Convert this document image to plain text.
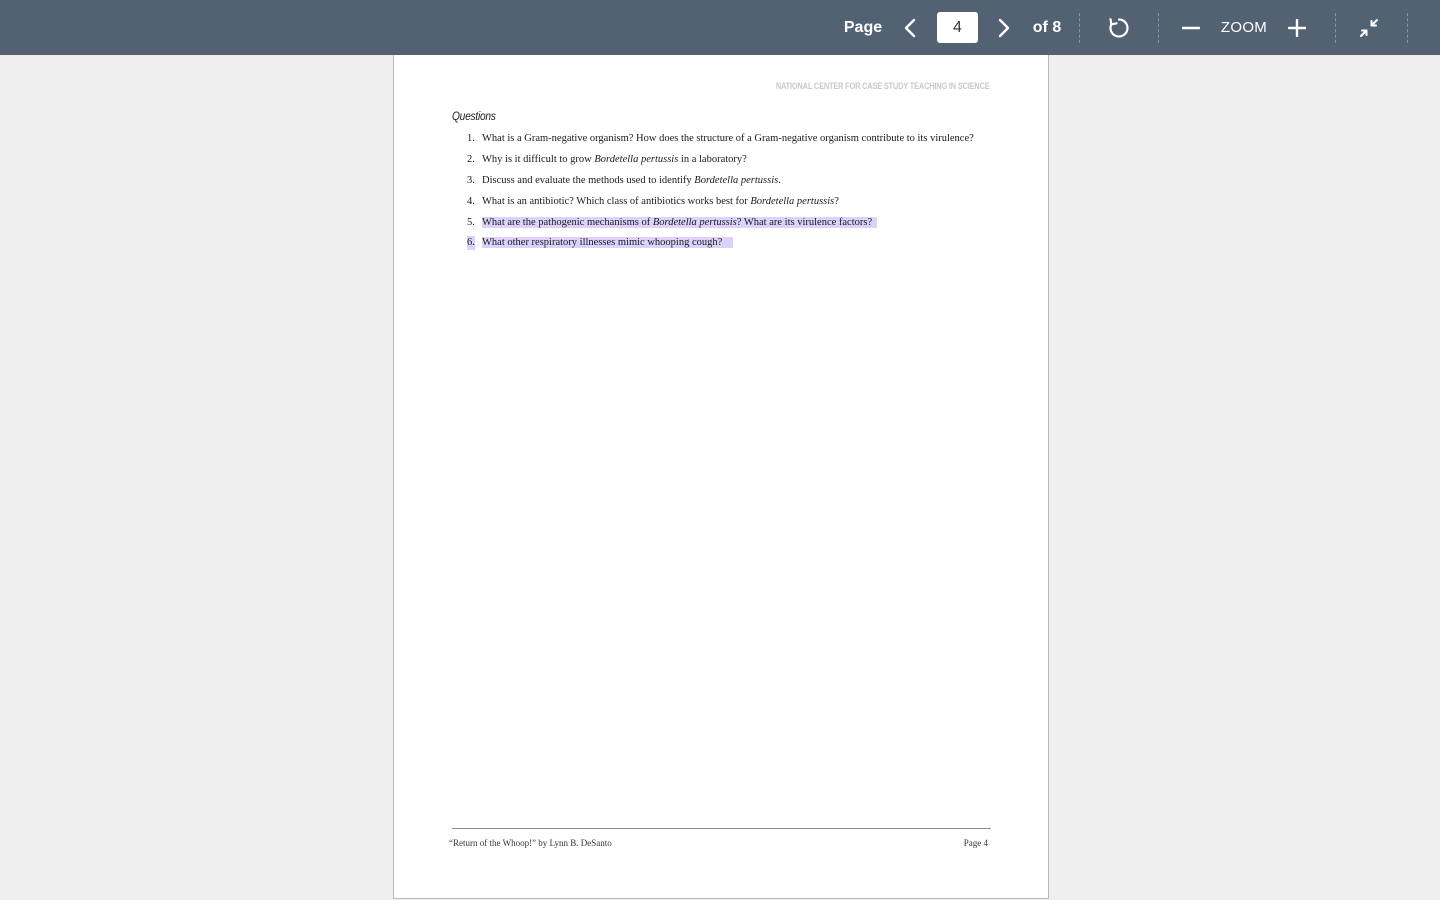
Page
4	of 8	ZOOM
NATIONAL CENTER FOR CASE STUDY TEACHING IN SCIENCE
Questions
1. What is a Gram-negative organism? How does the structure of a Gram-negative organism contribute to its virulence?
2. Why is it difficult to grow Bordetella pertussis in a laboratory?
3. Discuss and evaluate the methods used to identify Bordetella pertussis.
4. What is an antibiotic? Which class of antibiotics works best for Bordetella pertussis?
5. What are the pathogenic mechanisms of Bordetella pertussis? What are its virulence factors?
6. What other respiratory illnesses mimic whooping cough?
“Return of the Whoop!” by Lynn B. DeSanto	Page 4
